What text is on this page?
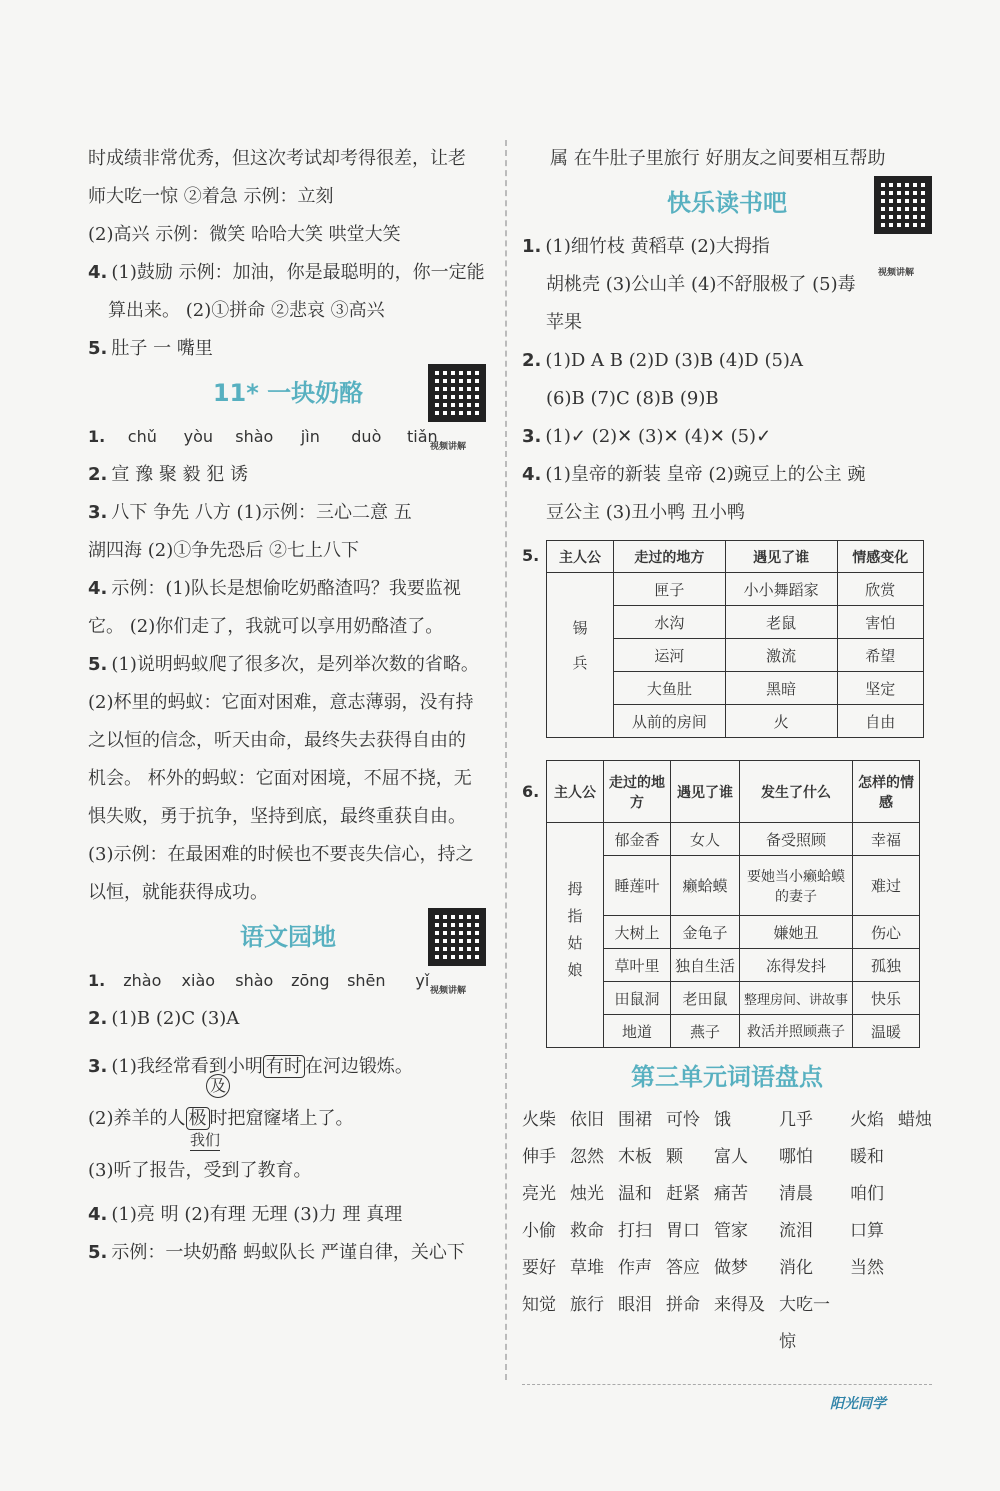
时成绩非常优秀，但这次考试却考得很差，让老
师大吃一惊 ②着急 示例：立刻
(2)高兴 示例：微笑 哈哈大笑 哄堂大笑
4. (1)鼓励 示例：加油，你是最聪明的，你一定能
算出来。 (2)①拼命 ②悲哀 ③高兴
5. 肚子 一 嘴里
11* 一块奶酪
视频讲解
1. chǔ yòu shào jìn duò tiǎn
2. 宣 豫 聚 毅 犯 诱
3. 八下 争先 八方 (1)示例：三心二意 五
湖四海 (2)①争先恐后 ②七上八下
4. 示例：(1)队长是想偷吃奶酪渣吗？我要监视
它。 (2)你们走了，我就可以享用奶酪渣了。
5. (1)说明蚂蚁爬了很多次，是列举次数的省略。
(2)杯里的蚂蚁：它面对困难，意志薄弱，没有持
之以恒的信念，听天由命，最终失去获得自由的
机会。 杯外的蚂蚁：它面对困境，不屈不挠，无
惧失败，勇于抗争，坚持到底，最终重获自由。
(3)示例：在最困难的时候也不要丧失信心，持之
以恒，就能获得成功。
语文园地
视频讲解
1. zhào xiào shào zōng shēn yǐ
2. (1)B (2)C (3)A
3. (1)我经常看到小明 有时 在河边锻炼。
(2)养羊的人 极 时把窟窿堵上了。
及
(3)听了报告，受到了教育。
我们
4. (1)亮 明 (2)有理 无理 (3)力 理 真理
5. 示例：一块奶酪 蚂蚁队长 严谨自律，关心下
属 在牛肚子里旅行 好朋友之间要相互帮助
快乐读书吧
视频讲解
1. (1)细竹枝 黄稻草 (2)大拇指
胡桃壳 (3)公山羊 (4)不舒服极了 (5)毒
苹果
2. (1)D A B (2)D (3)B (4)D (5)A
(6)B (7)C (8)B (9)B
3. (1)✓ (2)✕ (3)✕ (4)✕ (5)✓
4. (1)皇帝的新装 皇帝 (2)豌豆上的公主 豌
豆公主 (3)丑小鸭 丑小鸭
5. 主人公	走过的地方	遇见了谁	情感变化
锡兵	匣子	小小舞蹈家	欣赏
	水沟	老鼠	害怕
	运河	激流	希望
	大鱼肚	黑暗	坚定
	从前的房间	火	自由
6. 主人公	走过的地方	遇见了谁	发生了什么	怎样的情感
拇指姑娘	郁金香	女人	备受照顾	幸福
	睡莲叶	癞蛤蟆	要她当小癞蛤蟆的妻子	难过
	大树上	金龟子	嫌她丑	伤心
	草叶里	独自生活	冻得发抖	孤独
	田鼠洞	老田鼠	整理房间、讲故事	快乐
	地道	燕子	救活并照顾燕子	温暖
第三单元词语盘点
火柴 依旧 围裙 可怜 饿	几乎	火焰 蜡烛
伸手 忽然 木板 颗	富人	哪怕	暖和
亮光 烛光 温和 赶紧 痛苦	清晨	咱们
小偷 救命 打扫 胃口 管家	流泪	口算
要好 草堆 作声 答应 做梦	消化	当然
知觉 旅行 眼泪 拼命 来得及 大吃一惊
阳光同学
